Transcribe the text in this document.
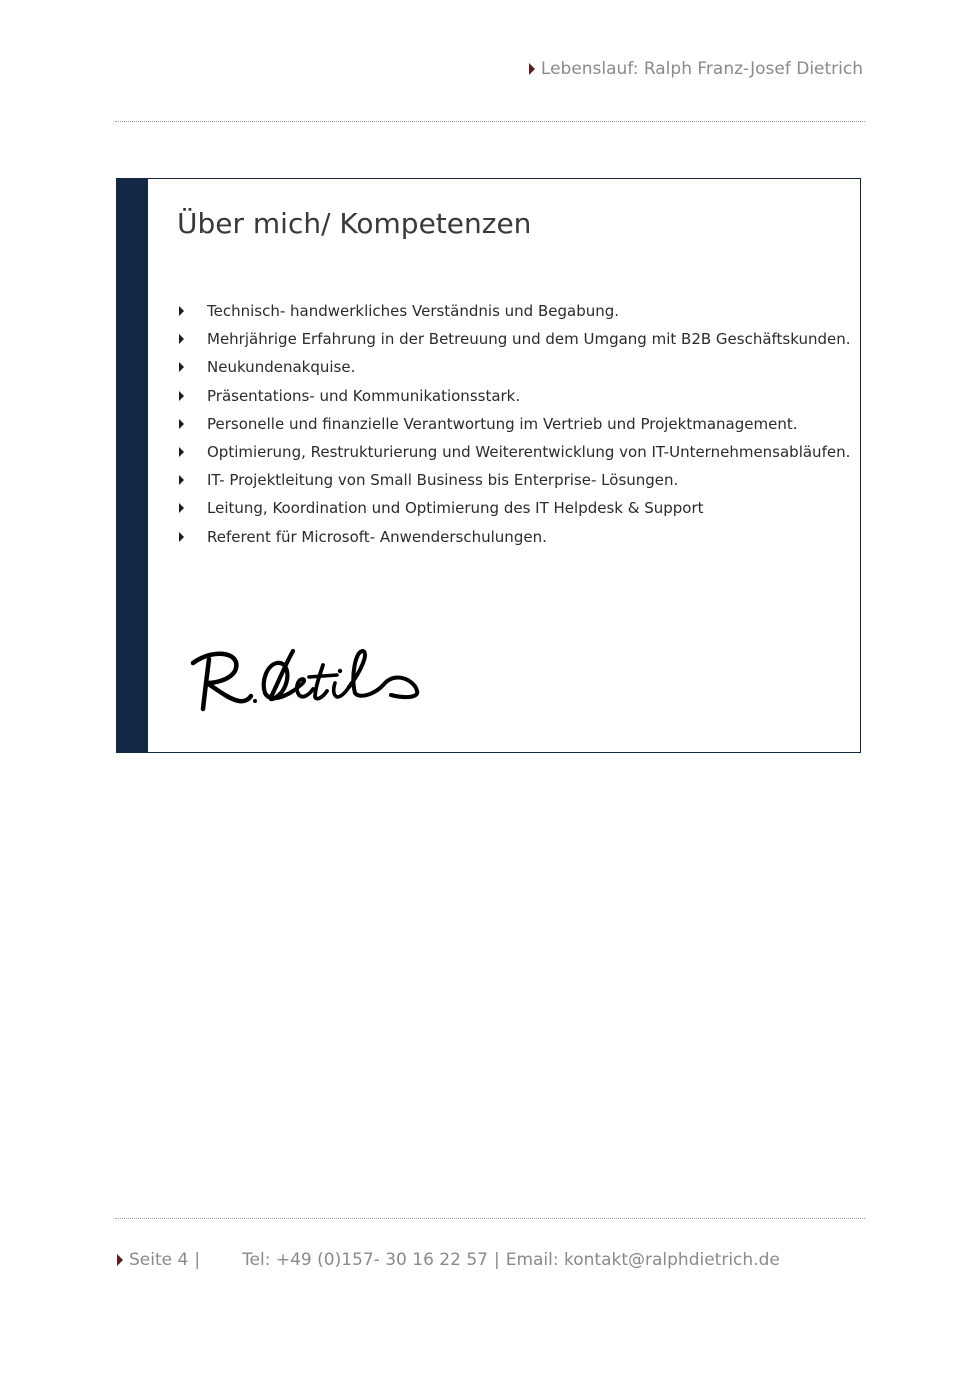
Lebenslauf: Ralph Franz-Josef Dietrich
Über mich/ Kompetenzen
Technisch- handwerkliches Verständnis und Begabung.
Mehrjährige Erfahrung in der Betreuung und dem Umgang mit B2B Geschäftskunden.
Neukundenakquise.
Präsentations- und Kommunikationsstark.
Personelle und finanzielle Verantwortung im Vertrieb und Projektmanagement.
Optimierung, Restrukturierung und Weiterentwicklung von IT-Unternehmensabläufen.
IT- Projektleitung von Small Business bis Enterprise- Lösungen.
Leitung, Koordination und Optimierung des IT Helpdesk & Support
Referent für Microsoft- Anwenderschulungen.
Seite 4 | Tel: +49 (0)157- 30 16 22 57 | Email: kontakt@ralphdietrich.de
